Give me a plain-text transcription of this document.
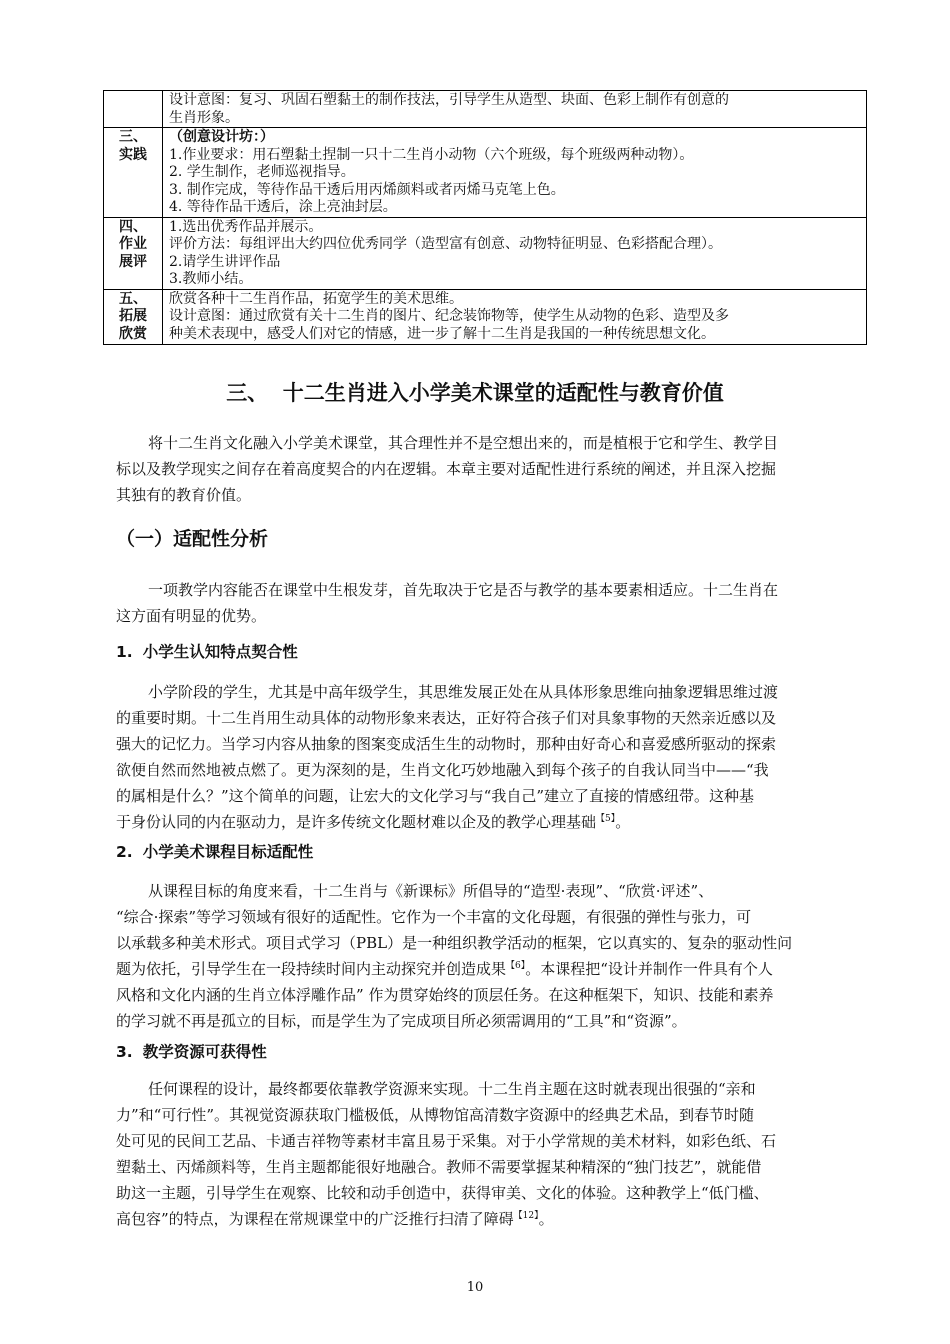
	设计意图：复习、巩固石塑黏土的制作技法，引导学生从造型、块面、色彩上制作有创意的
生肖形象。

三、
实践	（创意设计坊：）
1.作业要求：用石塑黏土捏制一只十二生肖小动物（六个班级，每个班级两种动物）。
2. 学生制作，老师巡视指导。
3. 制作完成，等待作品干透后用丙烯颜料或者丙烯马克笔上色。
4. 等待作品干透后，涂上亮油封层。

四、
作业
展评	1.选出优秀作品并展示。
评价方法：每组评出大约四位优秀同学（造型富有创意、动物特征明显、色彩搭配合理）。
2.请学生讲评作品
3.教师小结。

五、
拓展
欣赏	欣赏各种十二生肖作品，拓宽学生的美术思维。
设计意图：通过欣赏有关十二生肖的图片、纪念装饰物等，使学生从动物的色彩、造型及多
种美术表现中，感受人们对它的情感，进一步了解十二生肖是我国的一种传统思想文化。
三、  十二生肖进入小学美术课堂的适配性与教育价值
将十二生肖文化融入小学美术课堂，其合理性并不是空想出来的，而是植根于它和学生、教学目
标以及教学现实之间存在着高度契合的内在逻辑。本章主要对适配性进行系统的阐述，并且深入挖掘
其独有的教育价值。
（一）适配性分析
一项教学内容能否在课堂中生根发芽，首先取决于它是否与教学的基本要素相适应。十二生肖在
这方面有明显的优势。
1. 小学生认知特点契合性
小学阶段的学生，尤其是中高年级学生，其思维发展正处在从具体形象思维向抽象逻辑思维过渡
的重要时期。十二生肖用生动具体的动物形象来表达，正好符合孩子们对具象事物的天然亲近感以及
强大的记忆力。当学习内容从抽象的图案变成活生生的动物时，那种由好奇心和喜爱感所驱动的探索
欲便自然而然地被点燃了。更为深刻的是，生肖文化巧妙地融入到每个孩子的自我认同当中——“我
的属相是什么？”这个简单的问题，让宏大的文化学习与“我自己”建立了直接的情感纽带。这种基
于身份认同的内在驱动力，是许多传统文化题材难以企及的教学心理基础$^{【5】}$。
2. 小学美术课程目标适配性
从课程目标的角度来看，十二生肖与《新课标》所倡导的“造型·表现”、“欣赏·评述”、
“综合·探索”等学习领域有很好的适配性。它作为一个丰富的文化母题，有很强的弹性与张力，可
以承载多种美术形式。项目式学习（PBL）是一种组织教学活动的框架，它以真实的、复杂的驱动性问
题为依托，引导学生在一段持续时间内主动探究并创造成果$^{【6】}$。本课程把“设计并制作一件具有个人
风格和文化内涵的生肖立体浮雕作品” 作为贯穿始终的顶层任务。在这种框架下，知识、技能和素养
的学习就不再是孤立的目标，而是学生为了完成项目所必须需调用的“工具”和“资源”。
3. 教学资源可获得性
任何课程的设计，最终都要依靠教学资源来实现。十二生肖主题在这时就表现出很强的“亲和
力”和“可行性”。其视觉资源获取门槛极低，从博物馆高清数字资源中的经典艺术品，到春节时随
处可见的民间工艺品、卡通吉祥物等素材丰富且易于采集。对于小学常规的美术材料，如彩色纸、石
塑黏土、丙烯颜料等，生肖主题都能很好地融合。教师不需要掌握某种精深的“独门技艺”，就能借
助这一主题，引导学生在观察、比较和动手创造中，获得审美、文化的体验。这种教学上“低门槛、
高包容”的特点，为课程在常规课堂中的广泛推行扫清了障碍$^{【12】}$。
10
